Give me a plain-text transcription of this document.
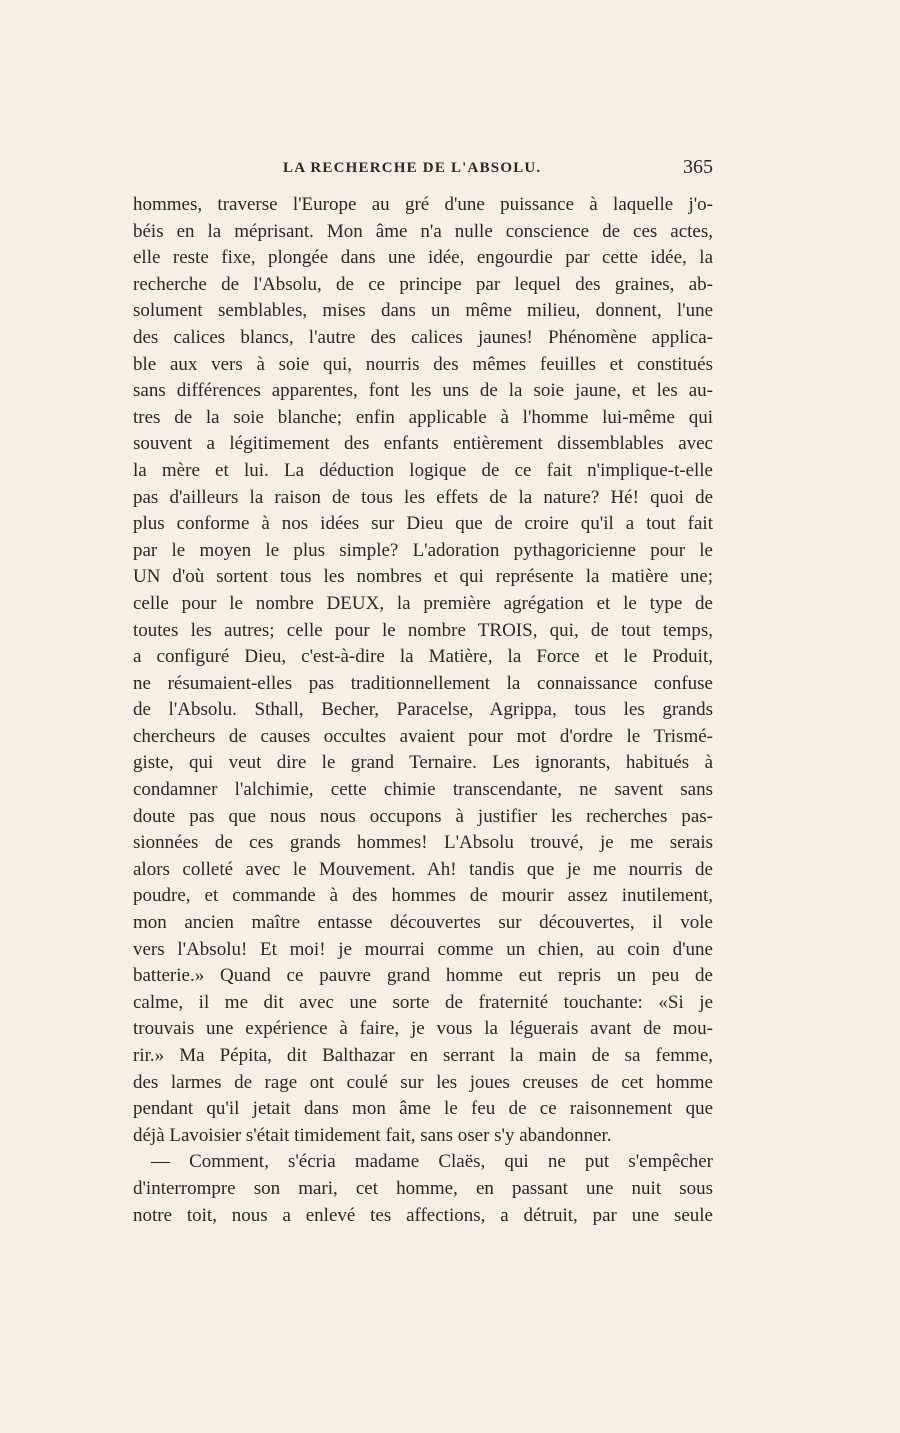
LA RECHERCHE DE L'ABSOLU.	365
hommes, traverse l'Europe au gré d'une puissance à laquelle j'o-
béis en la méprisant. Mon âme n'a nulle conscience de ces actes,
elle reste fixe, plongée dans une idée, engourdie par cette idée, la
recherche de l'Absolu, de ce principe par lequel des graines, ab-
solument semblables, mises dans un même milieu, donnent, l'une
des calices blancs, l'autre des calices jaunes! Phénomène applica-
ble aux vers à soie qui, nourris des mêmes feuilles et constitués
sans différences apparentes, font les uns de la soie jaune, et les au-
tres de la soie blanche; enfin applicable à l'homme lui-même qui
souvent a légitimement des enfants entièrement dissemblables avec
la mère et lui. La déduction logique de ce fait n'implique-t-elle
pas d'ailleurs la raison de tous les effets de la nature? Hé! quoi de
plus conforme à nos idées sur Dieu que de croire qu'il a tout fait
par le moyen le plus simple? L'adoration pythagoricienne pour le
UN d'où sortent tous les nombres et qui représente la matière une;
celle pour le nombre DEUX, la première agrégation et le type de
toutes les autres; celle pour le nombre TROIS, qui, de tout temps,
a configuré Dieu, c'est-à-dire la Matière, la Force et le Produit,
ne résumaient-elles pas traditionnellement la connaissance confuse
de l'Absolu. Sthall, Becher, Paracelse, Agrippa, tous les grands
chercheurs de causes occultes avaient pour mot d'ordre le Trismé-
giste, qui veut dire le grand Ternaire. Les ignorants, habitués à
condamner l'alchimie, cette chimie transcendante, ne savent sans
doute pas que nous nous occupons à justifier les recherches pas-
sionnées de ces grands hommes! L'Absolu trouvé, je me serais
alors colleté avec le Mouvement. Ah! tandis que je me nourris de
poudre, et commande à des hommes de mourir assez inutilement,
mon ancien maître entasse découvertes sur découvertes, il vole
vers l'Absolu! Et moi! je mourrai comme un chien, au coin d'une
batterie.» Quand ce pauvre grand homme eut repris un peu de
calme, il me dit avec une sorte de fraternité touchante: «Si je
trouvais une expérience à faire, je vous la léguerais avant de mou-
rir.» Ma Pépita, dit Balthazar en serrant la main de sa femme,
des larmes de rage ont coulé sur les joues creuses de cet homme
pendant qu'il jetait dans mon âme le feu de ce raisonnement que
déjà Lavoisier s'était timidement fait, sans oser s'y abandonner.
— Comment, s'écria madame Claës, qui ne put s'empêcher
d'interrompre son mari, cet homme, en passant une nuit sous
notre toit, nous a enlevé tes affections, a détruit, par une seule
